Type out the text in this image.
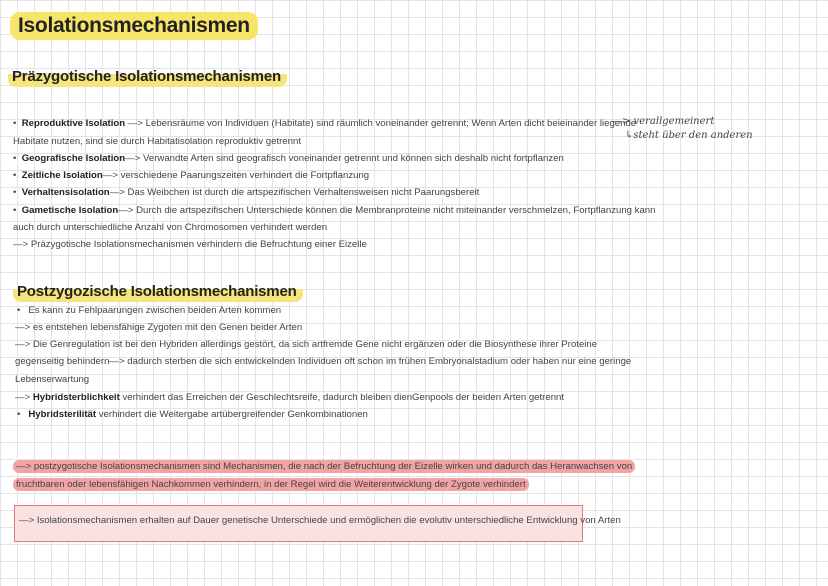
Isolationsmechanismen
Präzygotische Isolationsmechanismen
• Reproduktive Isolation —> Lebensräume von Individuen (Habitate) sind räumlich voneinander getrennt; Wenn Arten dicht beieinander liegende
—> verallgemeinert
↳steht über den anderen
Habitate nutzen, sind sie durch Habitatisolation reproduktiv getrennt
• Geografische Isolation—> Verwandte Arten sind geografisch voneinander getrennt und können sich deshalb nicht fortpflanzen
• Zeitliche Isolation—> verschiedene Paarungszeiten verhindert die Fortpflanzung
• Verhaltensisolation—> Das Weibchen ist durch die artspezifischen Verhaltensweisen nicht Paarungsbereit
• Gametische Isolation—> Durch die artspezifischen Unterschiede können die Membranproteine nicht miteinander verschmelzen, Fortpflanzung kann
auch durch unterschiedliche Anzahl von Chromosomen verhindert werden
—> Präzygotische Isolationsmechanismen verhindern die Befruchtung einer Eizelle
Postzygozische Isolationsmechanismen
• Es kann zu Fehlpaarungen zwischen beiden Arten kommen
—> es entstehen lebensfähige Zygoten mit den Genen beider Arten
—> Die Genregulation ist bei den Hybriden allerdings gestört, da sich artfremde Gene nicht ergänzen oder die Biosynthese ihrer Proteine
gegenseitig behindern—> dadurch sterben die sich entwickelnden Individuen oft schon im frühen Embryonalstadium oder haben nur eine geringe
Lebenserwartung
—> Hybridsterblichkeit verhindert das Erreichen der Geschlechtsreife, dadurch bleiben dienGenpools der beiden Arten getrennt
• Hybridsterilität verhindert die Weitergabe artübergreifender Genkombinationen
—> postzygotische Isolationsmechanismen sind Mechanismen, die nach der Befruchtung der Eizelle wirken und dadurch das Heranwachsen von
fruchtbaren oder lebensfähigen Nachkommen verhindern, in der Regel wird die Weiterentwicklung der Zygote verhindert
—> Isolationsmechanismen erhalten auf Dauer genetische Unterschiede und ermöglichen die evolutiv unterschiedliche Entwicklung von Arten
